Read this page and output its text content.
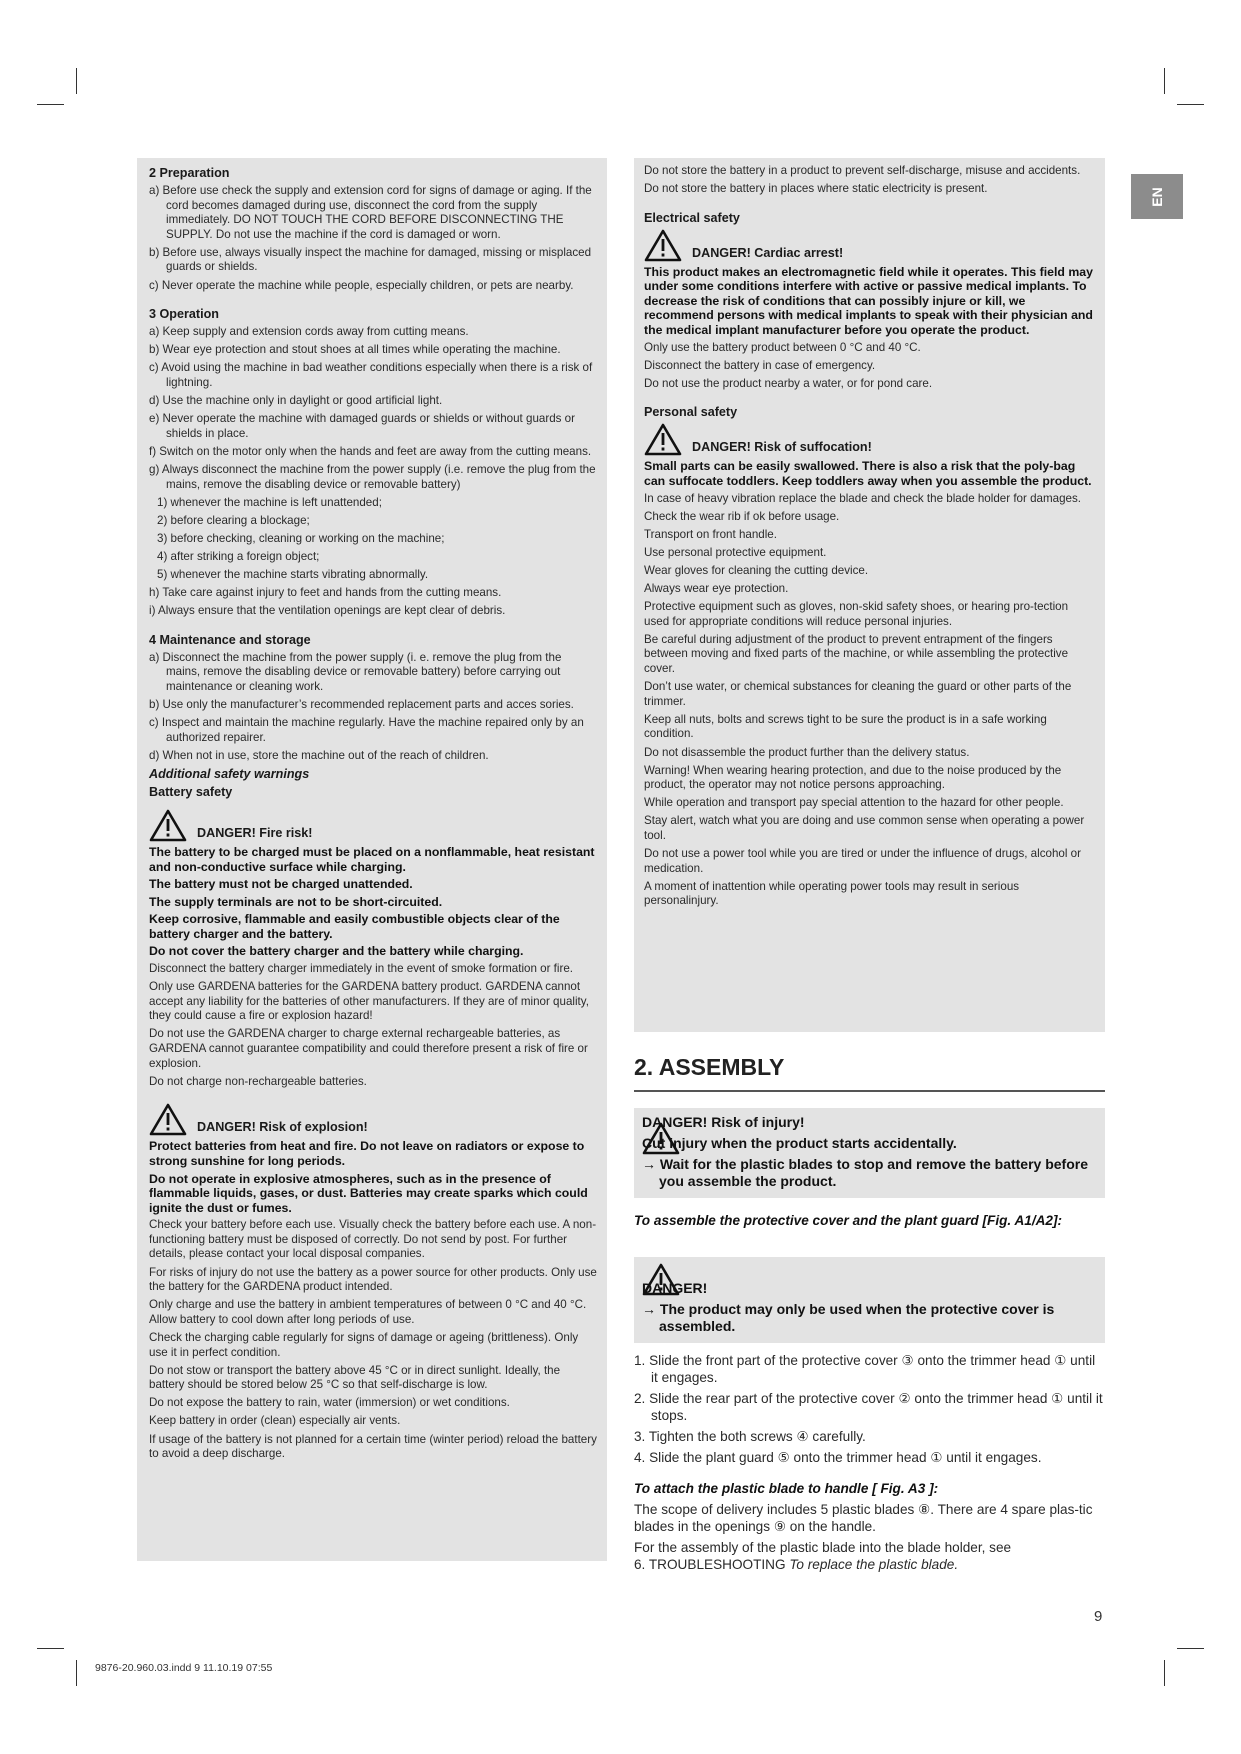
EN
2 Preparation
a) Before use check the supply and extension cord for signs of damage or aging. If the cord becomes damaged during use, disconnect the cord from the supply immediately. DO NOT TOUCH THE CORD BEFORE DISCONNECTING THE SUPPLY. Do not use the machine if the cord is damaged or worn.
b) Before use, always visually inspect the machine for damaged, missing or misplaced guards or shields.
c) Never operate the machine while people, especially children, or pets are nearby.
3 Operation
a) Keep supply and extension cords away from cutting means.
b) Wear eye protection and stout shoes at all times while operating the machine.
c) Avoid using the machine in bad weather conditions especially when there is a risk of lightning.
d) Use the machine only in daylight or good artificial light.
e) Never operate the machine with damaged guards or shields or without guards or shields in place.
f) Switch on the motor only when the hands and feet are away from the cutting means.
g) Always disconnect the machine from the power supply (i.e. remove the plug from the mains, remove the disabling device or removable battery)
1) whenever the machine is left unattended;
2) before clearing a blockage;
3) before checking, cleaning or working on the machine;
4) after striking a foreign object;
5) whenever the machine starts vibrating abnormally.
h) Take care against injury to feet and hands from the cutting means.
i) Always ensure that the ventilation openings are kept clear of debris.
4 Maintenance and storage
a) Disconnect the machine from the power supply (i. e. remove the plug from the mains, remove the disabling device or removable battery) before carrying out maintenance or cleaning work.
b) Use only the manufacturer’s recommended replacement parts and acces sories.
c) Inspect and maintain the machine regularly. Have the machine repaired only by an authorized repairer.
d) When not in use, store the machine out of the reach of children.
Additional safety warnings
Battery safety
DANGER! Fire risk!
The battery to be charged must be placed on a nonflammable, heat resistant and non-conductive surface while charging.
The battery must not be charged unattended.
The supply terminals are not to be short-circuited.
Keep corrosive, flammable and easily combustible objects clear of the battery charger and the battery.
Do not cover the battery charger and the battery while charging.
Disconnect the battery charger immediately in the event of smoke formation or fire.
Only use GARDENA batteries for the GARDENA battery product. GARDENA cannot accept any liability for the batteries of other manufacturers. If they are of minor quality, they could cause a fire or explosion hazard!
Do not use the GARDENA charger to charge external rechargeable batteries, as GARDENA cannot guarantee compatibility and could therefore present a risk of fire or explosion.
Do not charge non-rechargeable batteries.
DANGER! Risk of explosion!
Protect batteries from heat and fire. Do not leave on radiators or expose to strong sunshine for long periods.
Do not operate in explosive atmospheres, such as in the presence of flammable liquids, gases, or dust. Batteries may create sparks which could ignite the dust or fumes.
Check your battery before each use. Visually check the battery before each use. A non-functioning battery must be disposed of correctly. Do not send by post. For further details, please contact your local disposal companies.
For risks of injury do not use the battery as a power source for other products. Only use the battery for the GARDENA product intended.
Only charge and use the battery in ambient temperatures of between 0 °C and 40 °C. Allow battery to cool down after long periods of use.
Check the charging cable regularly for signs of damage or ageing (brittleness). Only use it in perfect condition.
Do not stow or transport the battery above 45 °C or in direct sunlight. Ideally, the battery should be stored below 25 °C so that self-discharge is low.
Do not expose the battery to rain, water (immersion) or wet conditions.
Keep battery in order (clean) especially air vents.
If usage of the battery is not planned for a certain time (winter period) reload the battery to avoid a deep discharge.
Do not store the battery in a product to prevent self-discharge, misuse and accidents.
Do not store the battery in places where static electricity is present.
Electrical safety
DANGER! Cardiac arrest!
This product makes an electromagnetic field while it operates. This field may under some conditions interfere with active or passive medical implants. To decrease the risk of conditions that can possibly injure or kill, we recommend persons with medical implants to speak with their physician and the medical implant manufacturer before you operate the product.
Only use the battery product between 0 °C and 40 °C.
Disconnect the battery in case of emergency.
Do not use the product nearby a water, or for pond care.
Personal safety
DANGER! Risk of suffocation!
Small parts can be easily swallowed. There is also a risk that the poly-bag can suffocate toddlers. Keep toddlers away when you assemble the product.
In case of heavy vibration replace the blade and check the blade holder for damages.
Check the wear rib if ok before usage.
Transport on front handle.
Use personal protective equipment.
Wear gloves for cleaning the cutting device.
Always wear eye protection.
Protective equipment such as gloves, non-skid safety shoes, or hearing pro-tection used for appropriate conditions will reduce personal injuries.
Be careful during adjustment of the product to prevent entrapment of the fingers between moving and fixed parts of the machine, or while assembling the protective cover.
Don’t use water, or chemical substances for cleaning the guard or other parts of the trimmer.
Keep all nuts, bolts and screws tight to be sure the product is in a safe working condition.
Do not disassemble the product further than the delivery status.
Warning! When wearing hearing protection, and due to the noise produced by the product, the operator may not notice persons approaching.
While operation and transport pay special attention to the hazard for other people.
Stay alert, watch what you are doing and use common sense when operating a power tool.
Do not use a power tool while you are tired or under the influence of drugs, alcohol or medication.
A moment of inattention while operating power tools may result in serious personalinjury.
2. ASSEMBLY
DANGER! Risk of injury!
Cut injury when the product starts accidentally.
→ Wait for the plastic blades to stop and remove the battery before you assemble the product.
To assemble the protective cover and the plant guard [Fig. A1/A2]:
DANGER!
→ The product may only be used when the protective cover is assembled.
1. Slide the front part of the protective cover ③ onto the trimmer head ① until it engages.
2. Slide the rear part of the protective cover ② onto the trimmer head ① until it stops.
3. Tighten the both screws ④ carefully.
4. Slide the plant guard ⑤ onto the trimmer head ① until it engages.
To attach the plastic blade to handle [ Fig. A3 ]:
The scope of delivery includes 5 plastic blades ⑧. There are 4 spare plas-tic blades in the openings ⑨ on the handle.
For the assembly of the plastic blade into the blade holder, see
6. TROUBLESHOOTING To replace the plastic blade.
9
9876-20.960.03.indd 9 11.10.19 07:55
